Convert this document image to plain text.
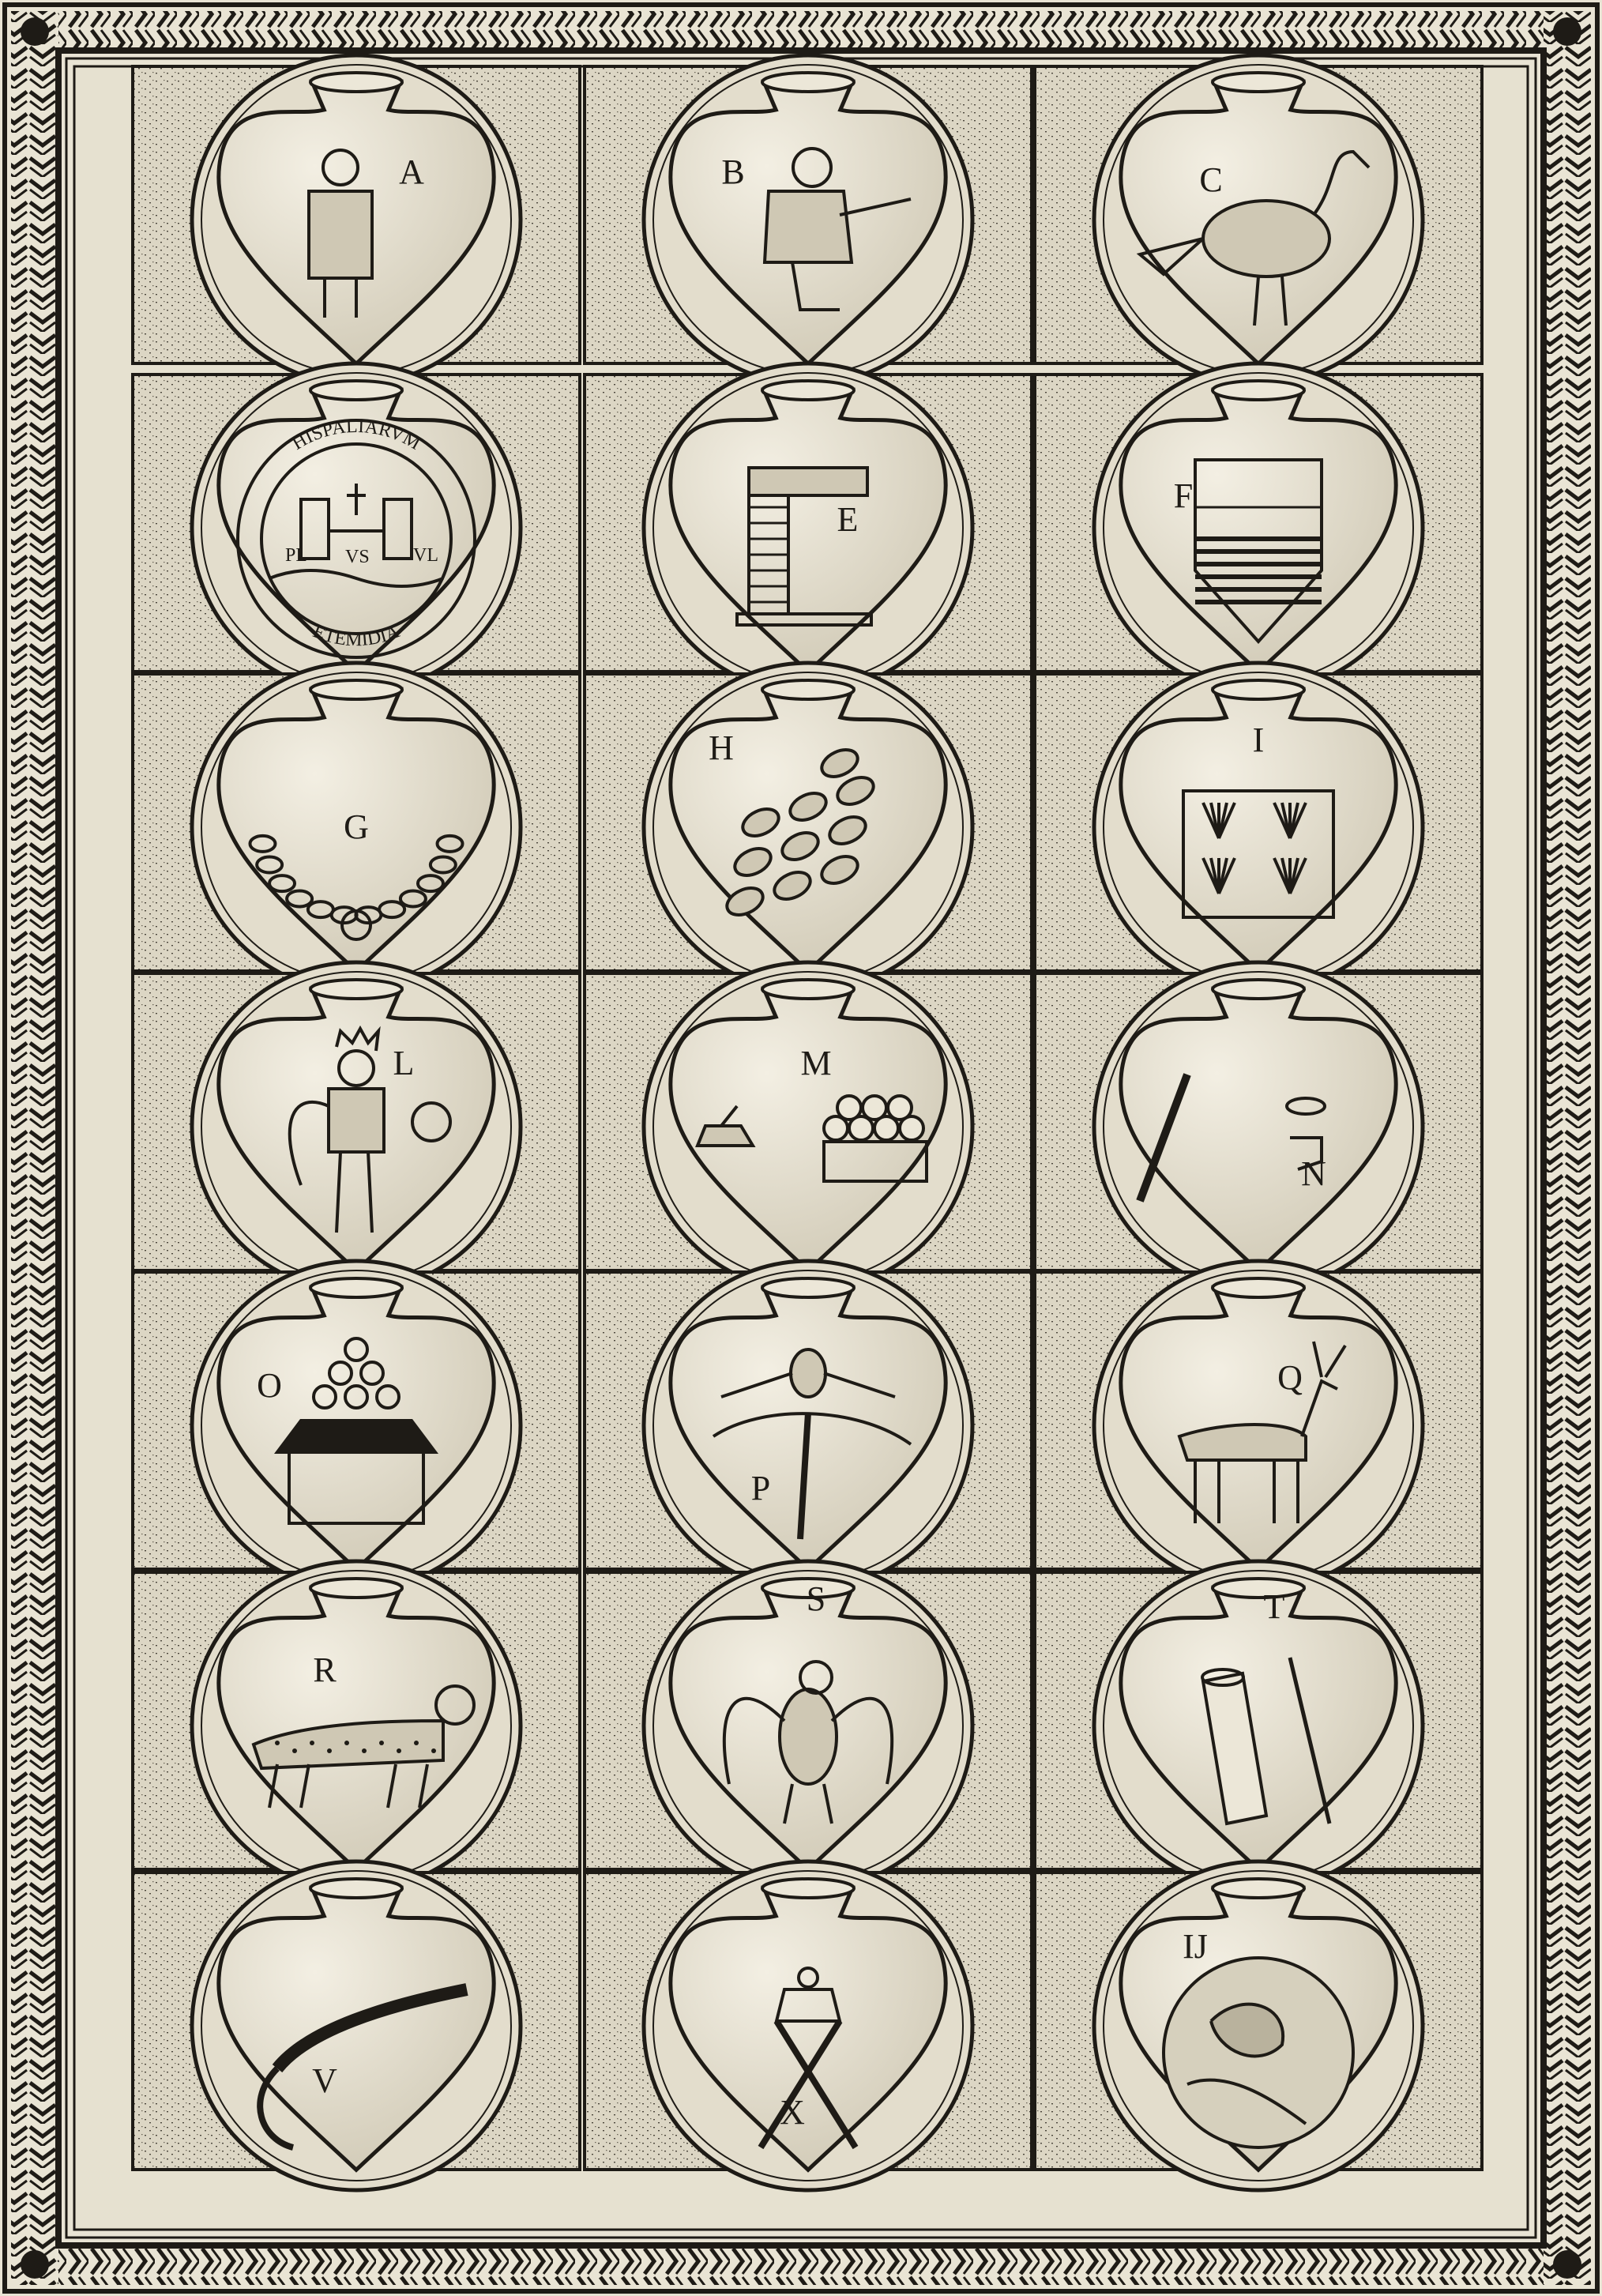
A	B	C
HISPALIARVM
ETEMIDIA
PL VS VL
E
F
G
H	I
L	M
N
O
P
Q
R
S	T
V
X
IJ
